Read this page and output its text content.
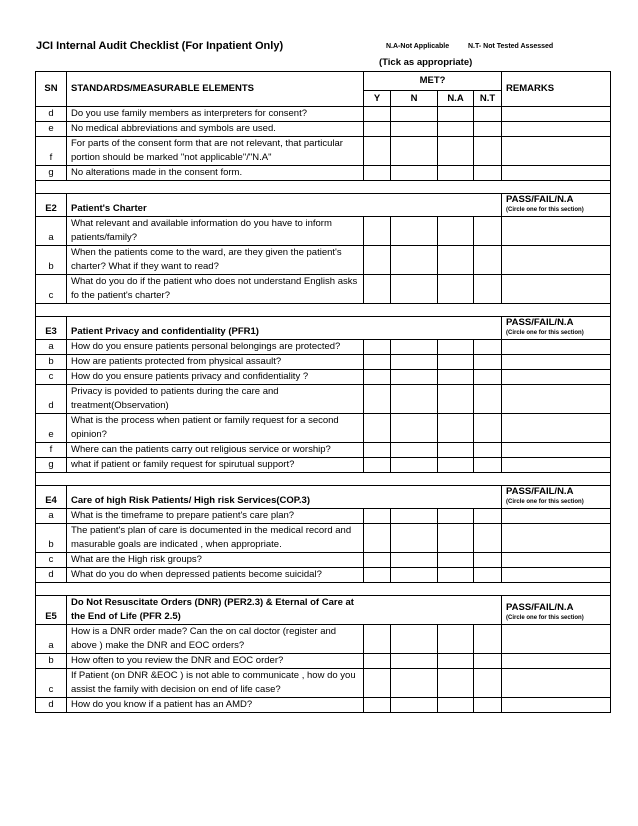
JCI Internal Audit Checklist (For Inpatient Only)	N.A-Not Applicable	N.T- Not Tested Assessed
(Tick as appropriate)
SN	STANDARDS/MEASURABLE ELEMENTS	MET?				REMARKS
		Y	N	N.A	N.T	
d	Do you use family members as interpreters for consent?					
e	No medical abbreviations and symbols are used.					
f	For parts of the consent form that are not relevant, that particular portion should be marked "not applicable"/"N.A"					
g	No alterations made in the consent form.					

E2	Patient's Charter					PASS/FAIL/N.A
(Circle one for this section)

a	What relevant and available information do you have to inform patients/family?					
b	When the patients come to the ward, are they given the patient's charter? What if they want to read?					
c	What do you do if the patient who does not understand English asks fo the patient's charter?					

E3	Patient Privacy and confidentiality (PFR1)					PASS/FAIL/N.A
(Circle one for this section)

a	How do you ensure patients personal belongings are protected?					
b	How are patients protected from physical assault?					
c	How do you ensure patients privacy and confidentiality ?					
d	Privacy is povided to patients during the care and treatment(Observation)					
e	What is the process when patient or family request for a second opinion?					
f	Where can the patients carry out religious service or worship?					
g	what if patient or family request for spirutual support?					

E4	Care of high Risk Patients/ High risk Services(COP.3)					PASS/FAIL/N.A
(Circle one for this section)

a	What is the timeframe to prepare patient's care plan?					
b	The patient's plan of care is documented in the medical record and masurable goals are indicated , when appropriate.					
c	What are the High risk groups?					
d	What do you do when depressed patients become suicidal?					

E5	Do Not Resuscitate Orders (DNR) (PER2.3) & Eternal of Care at the End of Life (PFR 2.5)					PASS/FAIL/N.A
(Circle one for this section)

a	How is a DNR order made? Can the on cal doctor (register and above ) make the DNR and EOC orders?					
b	How often to you review the DNR and EOC order?					
c	If Patient (on DNR &EOC ) is not able to communicate , how do you assist the family with decision on end of life case?					
d	How do you know if a patient has an AMD?					
